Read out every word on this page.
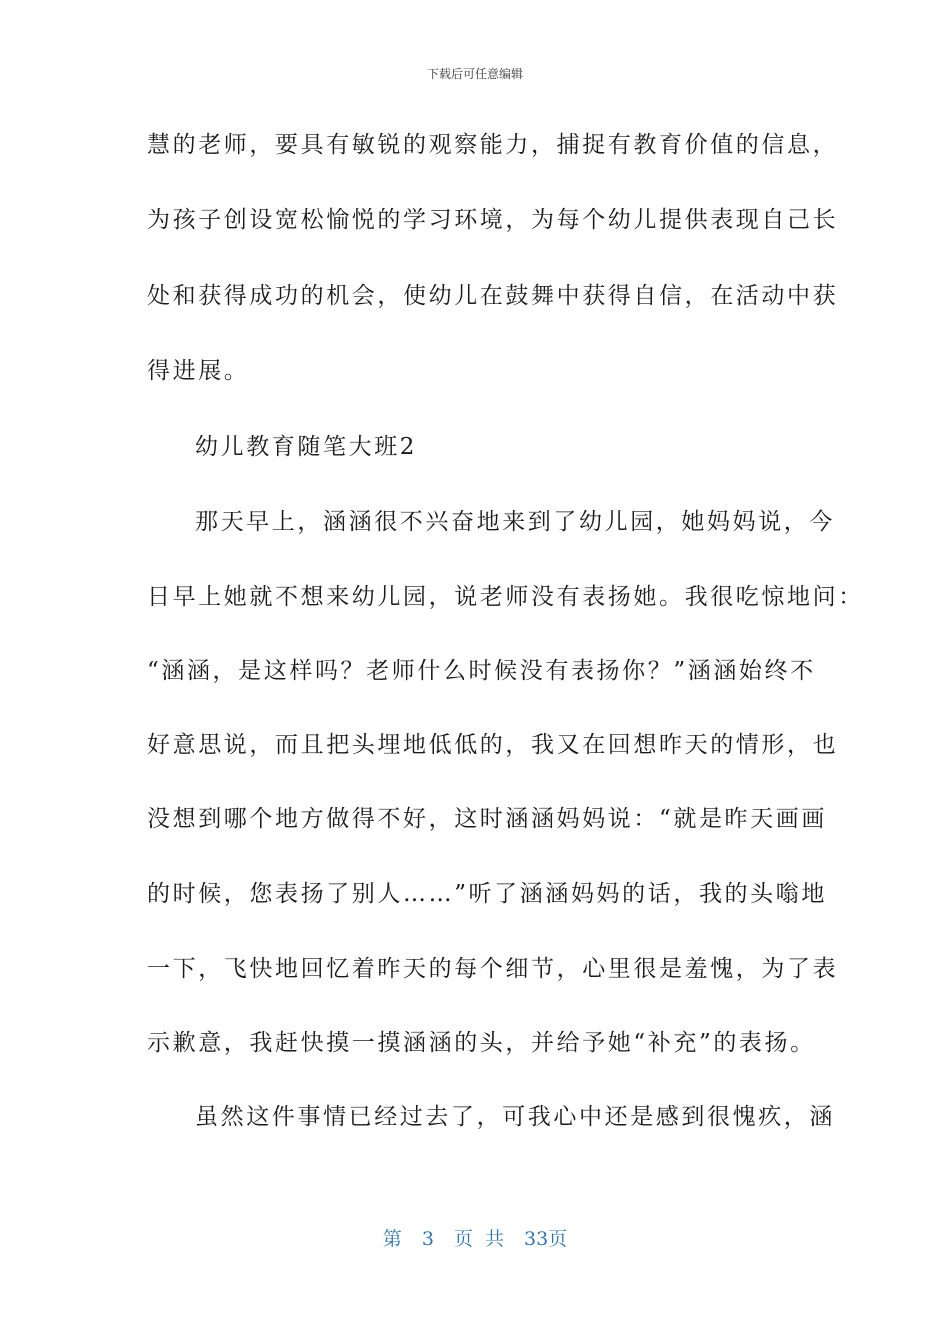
下载后可任意编辑
慧的老师，要具有敏锐的观察能力，捕捉有教育价值的信息，
为孩子创设宽松愉悦的学习环境，为每个幼儿提供表现自己长
处和获得成功的机会，使幼儿在鼓舞中获得自信，在活动中获
得进展。
幼儿教育随笔大班2
那天早上，涵涵很不兴奋地来到了幼儿园，她妈妈说，今
日早上她就不想来幼儿园，说老师没有表扬她。我很吃惊地问：
“涵涵，是这样吗？老师什么时候没有表扬你？”涵涵始终不
好意思说，而且把头埋地低低的，我又在回想昨天的情形，也
没想到哪个地方做得不好，这时涵涵妈妈说：“就是昨天画画
的时候，您表扬了别人……”听了涵涵妈妈的话，我的头嗡地
一下，飞快地回忆着昨天的每个细节，心里很是羞愧，为了表
示歉意，我赶快摸一摸涵涵的头，并给予她“补充”的表扬。
虽然这件事情已经过去了，可我心中还是感到很愧疚，涵
第 3 页 共 33页
